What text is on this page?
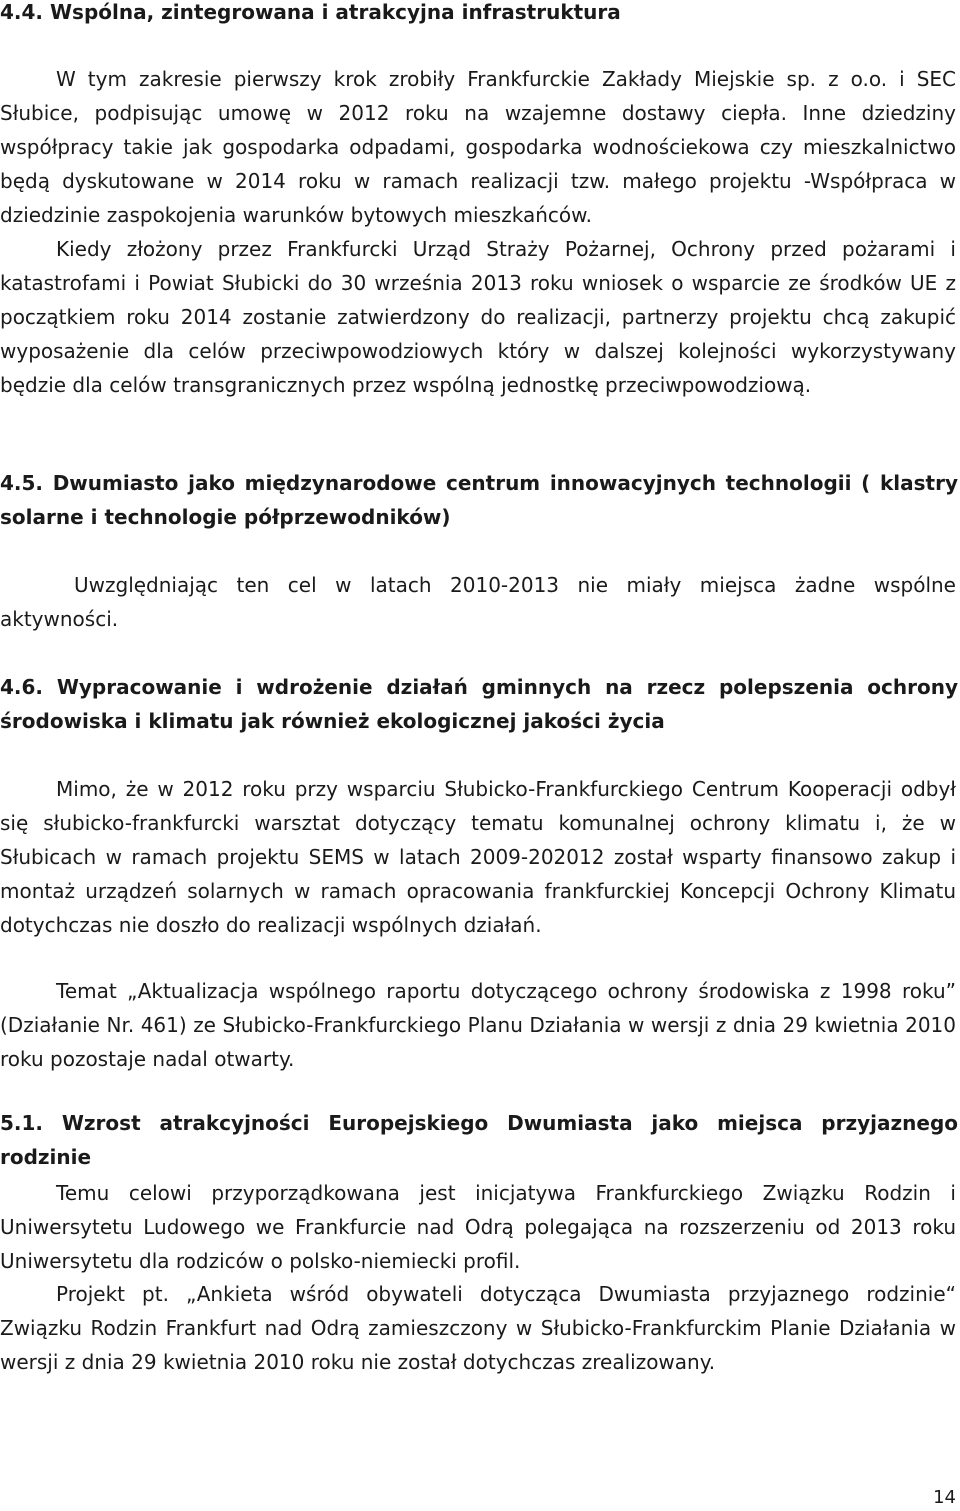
4.4. Wspólna, zintegrowana i atrakcyjna infrastruktura

W tym zakresie pierwszy krok zrobiły Frankfurckie Zakłady Miejskie sp. z o.o. i SEC Słubice, podpisując umowę w 2012 roku na wzajemne dostawy ciepła. Inne dziedziny współpracy takie jak gospodarka odpadami, gospodarka wodnościekowa czy mieszkalnictwo będą dyskutowane w 2014 roku w ramach realizacji tzw. małego projektu -Współpraca w dziedzinie zaspokojenia warunków bytowych mieszkańców.

Kiedy złożony przez Frankfurcki Urząd Straży Pożarnej, Ochrony przed pożarami i katastrofami i Powiat Słubicki do 30 września 2013 roku wniosek o wsparcie ze środków UE z początkiem roku 2014 zostanie zatwierdzony do realizacji, partnerzy projektu chcą zakupić wyposażenie dla celów przeciwpowodziowych który w dalszej kolejności wykorzystywany będzie dla celów transgranicznych przez wspólną jednostkę przeciwpowodziową.

4.5. Dwumiasto jako międzynarodowe centrum innowacyjnych technologii ( klastry solarne i technologie półprzewodników)

Uwzględniając ten cel w latach 2010-2013 nie miały miejsca żadne wspólne aktywności.

4.6. Wypracowanie i wdrożenie działań gminnych na rzecz polepszenia ochrony środowiska i klimatu jak również ekologicznej jakości życia

Mimo, że w 2012 roku przy wsparciu Słubicko-Frankfurckiego Centrum Kooperacji odbył się słubicko-frankfurcki warsztat dotyczący tematu komunalnej ochrony klimatu i, że w Słubicach w ramach projektu SEMS w latach 2009-202012 został wsparty finansowo zakup i montaż urządzeń solarnych w ramach opracowania frankfurckiej Koncepcji Ochrony Klimatu dotychczas nie doszło do realizacji wspólnych działań.

Temat „Aktualizacja wspólnego raportu dotyczącego ochrony środowiska z 1998 roku” (Działanie Nr. 461) ze Słubicko-Frankfurckiego Planu Działania w wersji z dnia 29 kwietnia 2010 roku pozostaje nadal otwarty.

5.1. Wzrost atrakcyjności Europejskiego Dwumiasta jako miejsca przyjaznego rodzinie

Temu celowi przyporządkowana jest inicjatywa Frankfurckiego Związku Rodzin i Uniwersytetu Ludowego we Frankfurcie nad Odrą polegająca na rozszerzeniu od 2013 roku Uniwersytetu dla rodziców o polsko-niemiecki profil.

Projekt pt. „Ankieta wśród obywateli dotycząca Dwumiasta przyjaznego rodzinie“ Związku Rodzin Frankfurt nad Odrą zamieszczony w Słubicko-Frankfurckim Planie Działania w wersji z dnia 29 kwietnia 2010 roku nie został dotychczas zrealizowany.

14
